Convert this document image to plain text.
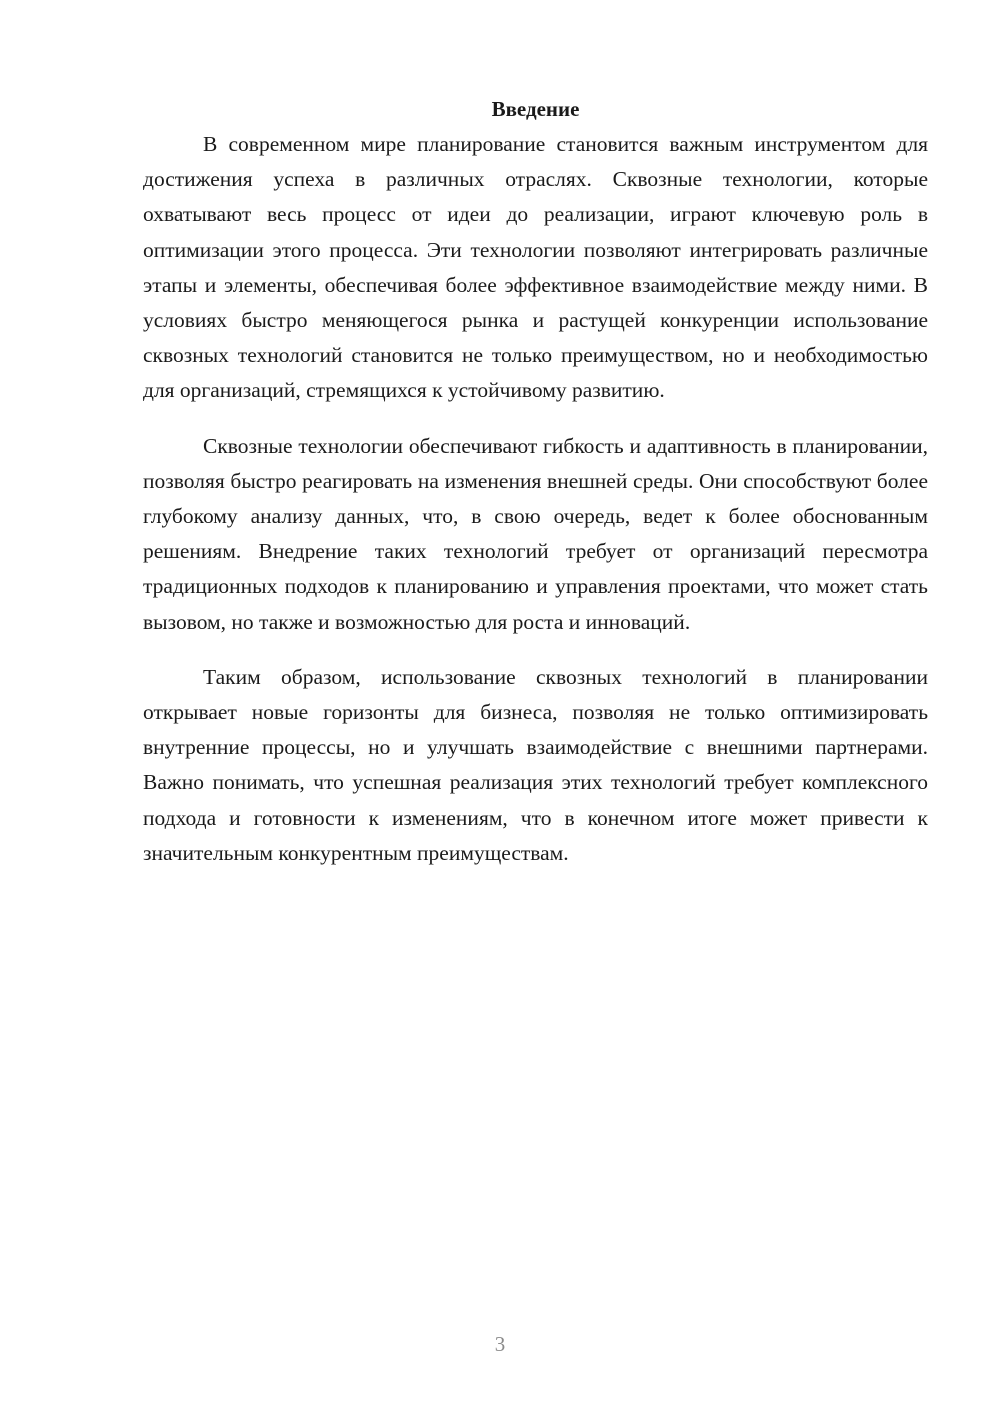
Введение

В современном мире планирование становится важным инструментом для достижения успеха в различных отраслях. Сквозные технологии, которые охватывают весь процесс от идеи до реализации, играют ключевую роль в оптимизации этого процесса. Эти технологии позволяют интегрировать различные этапы и элементы, обеспечивая более эффективное взаимодействие между ними. В условиях быстро меняющегося рынка и растущей конкуренции использование сквозных технологий становится не только преимуществом, но и необходимостью для организаций, стремящихся к устойчивому развитию.

Сквозные технологии обеспечивают гибкость и адаптивность в планировании, позволяя быстро реагировать на изменения внешней среды. Они способствуют более глубокому анализу данных, что, в свою очередь, ведет к более обоснованным решениям. Внедрение таких технологий требует от организаций пересмотра традиционных подходов к планированию и управления проектами, что может стать вызовом, но также и возможностью для роста и инноваций.

Таким образом, использование сквозных технологий в планировании открывает новые горизонты для бизнеса, позволяя не только оптимизировать внутренние процессы, но и улучшать взаимодействие с внешними партнерами. Важно понимать, что успешная реализация этих технологий требует комплексного подхода и готовности к изменениям, что в конечном итоге может привести к значительным конкурентным преимуществам.

3
